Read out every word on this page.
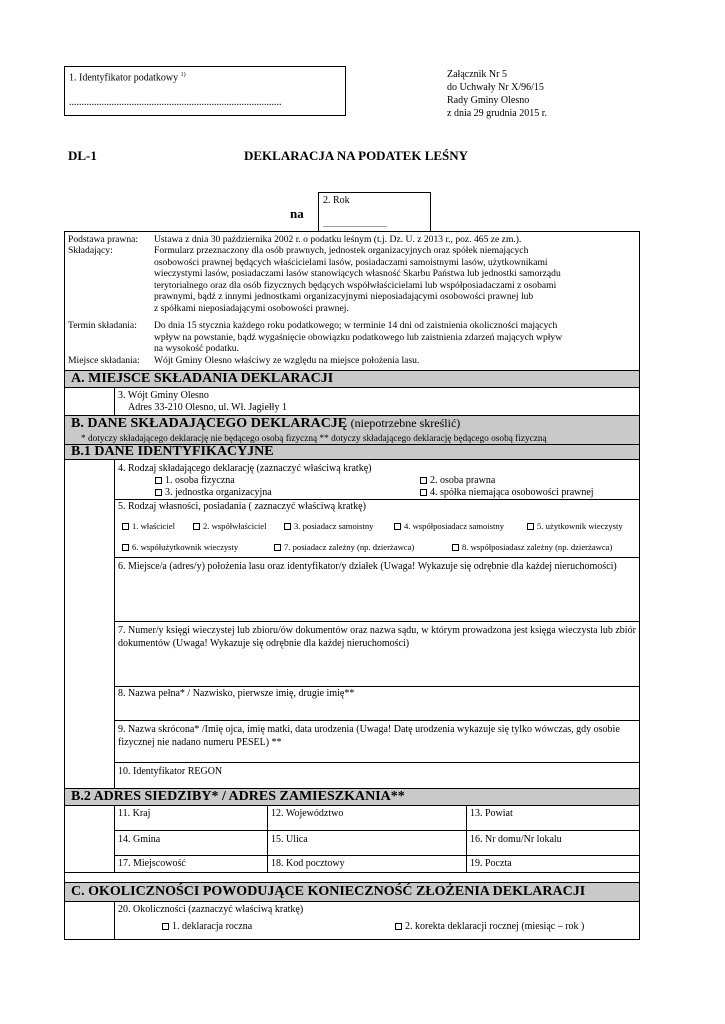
1. Identyfikator podatkowy $^{1)}$
.....................................................................................
Załącznik Nr 5
do Uchwały Nr X/96/15
Rady Gminy Olesno
z dnia 29 grudnia 2015 r.
DL-1	DEKLARACJA NA PODATEK LEŚNY
na
2. Rok
................................
Podstawa prawna: Ustawa z dnia 30 października 2002 r. o podatku leśnym (t.j. Dz. U. z 2013 r., poz. 465 ze zm.).
Składający:	Formularz przeznaczony dla osób prawnych, jednostek organizacyjnych oraz spółek niemających
osobowości prawnej będących właścicielami lasów, posiadaczami samoistnymi lasów, użytkownikami
wieczystymi lasów, posiadaczami lasów stanowiących własność Skarbu Państwa lub jednostki samorządu
terytorialnego oraz dla osób fizycznych będących współwłaścicielami lub współposiadaczami z osobami
prawnymi, bądź z innymi jednostkami organizacyjnymi nieposiadającymi osobowości prawnej lub
z spółkami nieposiadającymi osobowości prawnej.
Termin składania: Do dnia 15 stycznia każdego roku podatkowego; w terminie 14 dni od zaistnienia okoliczności mających
wpływ na powstanie, bądź wygaśnięcie obowiązku podatkowego lub zaistnienia zdarzeń mających wpływ
na wysokość podatku.
Miejsce składania: Wójt Gminy Olesno właściwy ze względu na miejsce położenia lasu.
A. MIEJSCE SKŁADANIA DEKLARACJI
3. Wójt Gminy Olesno
Adres 33-210 Olesno, ul. Wł. Jagiełły 1
B. DANE SKŁADAJĄCEGO DEKLARACJĘ (niepotrzebne skreślić)
* dotyczy składającego deklarację nie będącego osobą fizyczną ** dotyczy składającego deklarację będącego osobą fizyczną
B.1 DANE IDENTYFIKACYJNE
4. Rodzaj składającego deklarację (zaznaczyć właściwą kratkę)
1. osoba fizyczna	2. osoba prawna
3. jednostka organizacyjna	4. spółka niemająca osobowości prawnej
5. Rodzaj własności, posiadania ( zaznaczyć właściwą kratkę)
1. właściciel	2. współwłaściciel	3. posiadacz samoistny	4. współposiadacz samoistny	5. użytkownik wieczysty
6. współużytkownik wieczysty	7. posiadacz zależny (np. dzierżawca)	8. współposiadasz zależny (np. dzierżawca)
6. Miejsce/a (adres/y) położenia lasu oraz identyfikator/y działek (Uwaga! Wykazuje się odrębnie dla każdej nieruchomości)
7. Numer/y księgi wieczystej lub zbioru/ów dokumentów oraz nazwa sądu, w którym prowadzona jest księga wieczysta lub zbiór dokumentów (Uwaga! Wykazuje się odrębnie dla każdej nieruchomości)
8. Nazwa pełna* / Nazwisko, pierwsze imię, drugie imię**
9. Nazwa skrócona* /Imię ojca, imię matki, data urodzenia (Uwaga! Datę urodzenia wykazuje się tylko wówczas, gdy osobie fizycznej nie nadano numeru PESEL) **
10. Identyfikator REGON
B.2 ADRES SIEDZIBY* / ADRES ZAMIESZKANIA**
11. Kraj	12. Województwo	13. Powiat
14. Gmina	15. Ulica	16. Nr domu/Nr lokalu
17. Miejscowość	18. Kod pocztowy	19. Poczta
C. OKOLICZNOŚCI POWODUJĄCE KONIECZNOŚĆ ZŁOŻENIA DEKLARACJI
20. Okoliczności (zaznaczyć właściwą kratkę)
1. deklaracja roczna	2. korekta deklaracji rocznej (miesiąc – rok )
